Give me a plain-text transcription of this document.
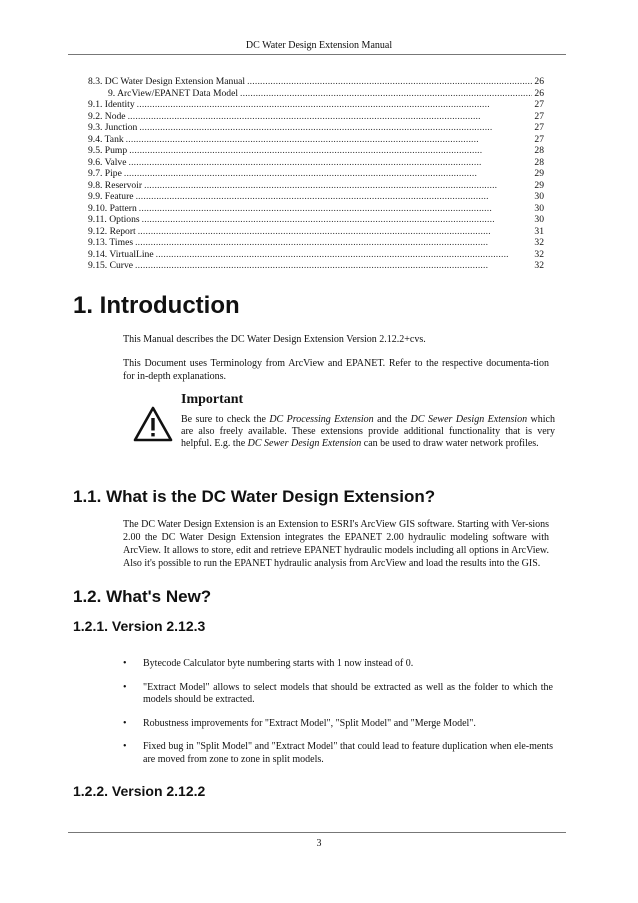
DC Water Design Extension Manual
8.3. DC Water Design Extension Manual . . .	26
9. ArcView/EPANET Data Model . . .	26
9.1. Identity . . .	27
9.2. Node . . .	27
9.3. Junction . . .	27
9.4. Tank . . .	27
9.5. Pump . . .	28
9.6. Valve . . .	28
9.7. Pipe . . .	29
9.8. Reservoir . . .	29
9.9. Feature . . .	30
9.10. Pattern . . .	30
9.11. Options . . .	30
9.12. Report . . .	31
9.13. Times . . .	32
9.14. VirtualLine . . .	32
9.15. Curve . . .	32
1. Introduction
This Manual describes the DC Water Design Extension Version 2.12.2+cvs.
This Document uses Terminology from ArcView and EPANET. Refer to the respective documenta-tion for in-depth explanations.
Important
Be sure to check the DC Processing Extension and the DC Sewer Design Extension which are also freely available. These extensions provide additional functionality that is very helpful. E.g. the DC Sewer Design Extension can be used to draw water network profiles.
1.1. What is the DC Water Design Extension?
The DC Water Design Extension is an Extension to ESRI's ArcView GIS software. Starting with Ver-sions 2.00 the DC Water Design Extension integrates the EPANET 2.00 hydraulic modeling software with ArcView. It allows to store, edit and retrieve EPANET hydraulic models including all options in ArcView. Also it's possible to run the EPANET hydraulic analysis from ArcView and load the results into the GIS.
1.2. What's New?
1.2.1. Version 2.12.3
• Bytecode Calculator byte numbering starts with 1 now instead of 0.
• "Extract Model" allows to select models that should be extracted as well as the folder to which the models should be extracted.
• Robustness improvements for "Extract Model", "Split Model" and "Merge Model".
• Fixed bug in "Split Model" and "Extract Model" that could lead to feature duplication when ele-ments are moved from zone to zone in split models.
1.2.2. Version 2.12.2
3
